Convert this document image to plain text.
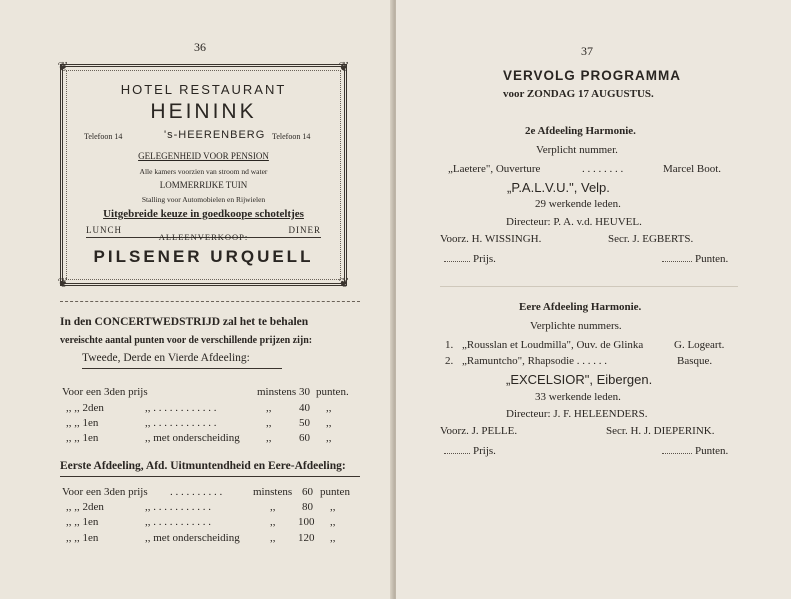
36
❦	❦
❦	❦
HOTEL RESTAURANT
HEININK
Telefoon 14	's-HEERENBERG Telefoon 14
GELEGENHEID VOOR PENSION
Alle kamers voorzien van stroom nd water
LOMMERRIJKE TUIN
Stalling voor Automobielen en Rijwielen
Uitgebreide keuze in goedkoope schoteltjes
LUNCH	DINER
ALLEENVERKOOP:
PILSENER URQUELL
In den CONCERTWEDSTRIJD zal het te behalen
vereischte aantal punten voor de verschillende prijzen zijn:
Tweede, Derde en Vierde Afdeeling:
Voor een 3den prijs	minstens 30 punten.
,, ,, 2den	,, . . . . . . . . . . . .	,,	40 ,,
,, ,, 1en	,, . . . . . . . . . . . .	,,	50 ,,
,, ,, 1en	,, met onderscheiding ,,	60 ,,
Eerste Afdeeling, Afd. Uitmuntendheid en Eere-Afdeeling:
Voor een 3den prijs . . . . . . . . . .	minstens 60 punten
,, ,, 2den	,, . . . . . . . . . . .	,, 80 ,,
,, ,, 1en	,, . . . . . . . . . . .	,, 100 ,,
,, ,, 1en	,, met onderscheiding	,, 120 ,,
37
VERVOLG PROGRAMMA
voor ZONDAG 17 AUGUSTUS.
2e Afdeeling Harmonie.
Verplicht nummer.
„Laetere", Ouverture	. . . . . . . .	Marcel Boot.
„P.A.L.V.U.", Velp.
29 werkende leden.
Directeur: P. A. v.d. HEUVEL.
Voorz. H. WISSINGH.	Secr. J. EGBERTS.
Prijs.	Punten.
Eere Afdeeling Harmonie.
Verplichte nummers.
1. „Rousslan et Loudmilla", Ouv. de Glinka	G. Logeart.
2. „Ramuntcho", Rhapsodie . . . . . .	Basque.
„EXCELSIOR", Eibergen.
33 werkende leden.
Directeur: J. F. HELEENDERS.
Voorz. J. PELLE.	Secr. H. J. DIEPERINK.
Prijs.	Punten.
